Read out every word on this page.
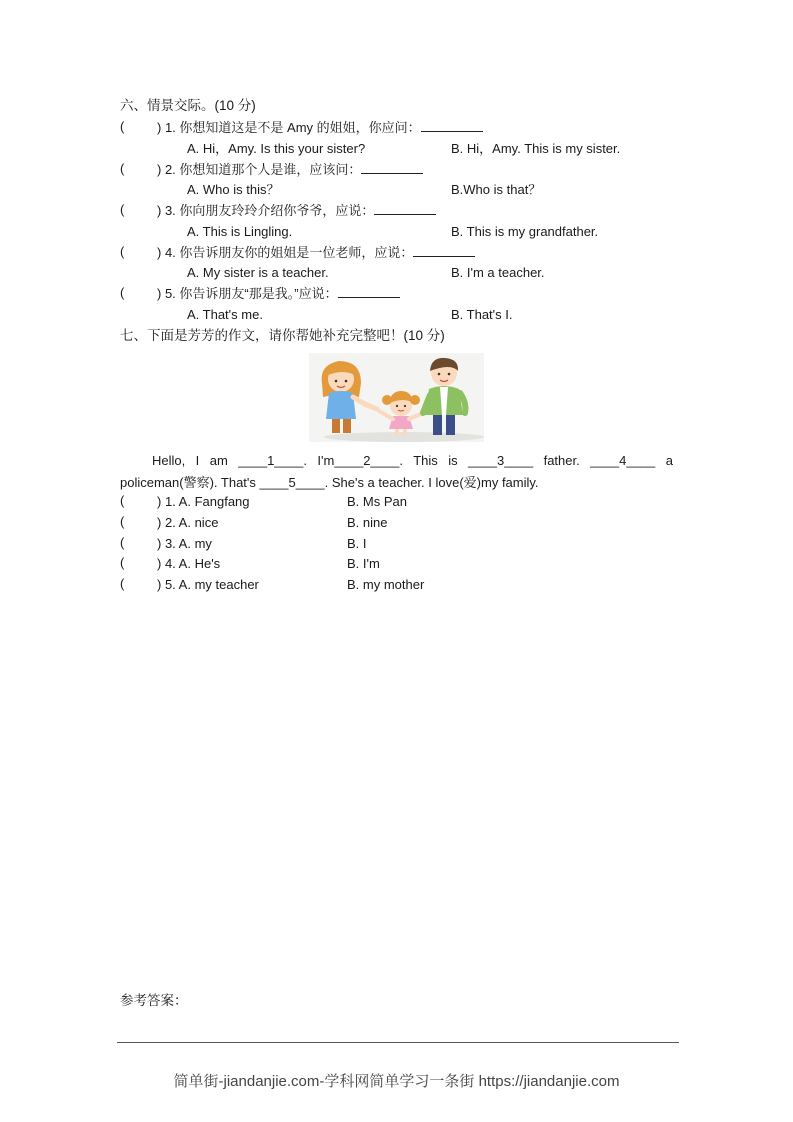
六、情景交际。(10 分)
(	) 1. 你想知道这是不是 Amy 的姐姐，你应问：
A. Hi，Amy. Is this your sister?	B. Hi，Amy. This is my sister.
(	) 2. 你想知道那个人是谁，应该问：
A. Who is this？	B.Who is that？
(	) 3. 你向朋友玲玲介绍你爷爷，应说：
A. This is Lingling.	B. This is my grandfather.
(	) 4. 你告诉朋友你的姐姐是一位老师，应说：
A. My sister is a teacher.	B. I'm a teacher.
(	) 5. 你告诉朋友“那是我。”应说：
A. That's me.	B. That's I.
七、下面是芳芳的作文，请你帮她补充完整吧！(10 分)
Hello, I am ____1____. I'm____2____. This is ____3____ father. ____4____ a
policeman(警察). That's ____5____. She's a teacher. I love(爱)my family.
(	) 1. A. Fangfang	B. Ms Pan
(	) 2. A. nice	B. nine
(	) 3. A. my	B. I
(	) 4. A. He's	B. I'm
(	) 5. A. my teacher	B. my mother
参考答案：
简单街-jiandanjie.com-学科网简单学习一条街 https://jiandanjie.com
